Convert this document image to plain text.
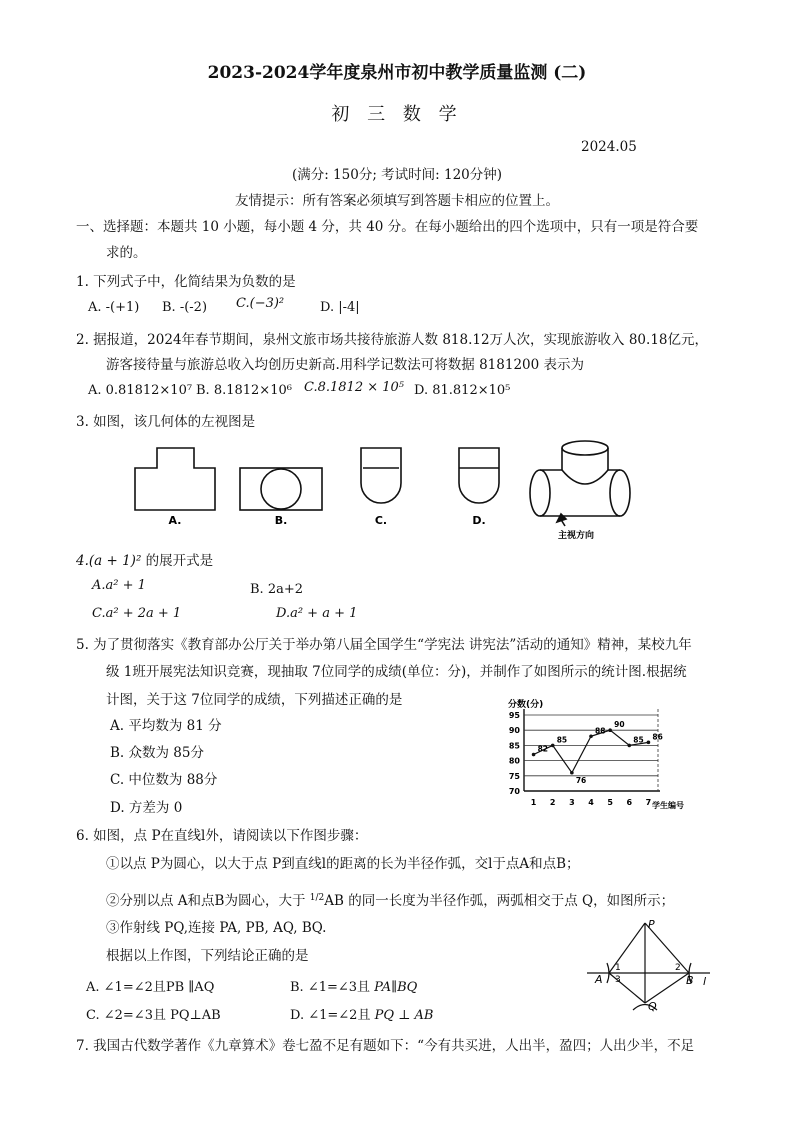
2023-2024学年度泉州市初中教学质量监测 (二)
初 三 数 学
2024.05
(满分: 150分; 考试时间: 120分钟)
友情提示：所有答案必须填写到答题卡相应的位置上。
一、选择题：本题共 10 小题，每小题 4 分，共 40 分。在每小题给出的四个选项中，只有一项是符合要
求的。
1. 下列式子中，化简结果为负数的是
A. -(+1) B. -(-2) C.(−3)²	D. |-4|
2. 据报道，2024年春节期间，泉州文旅市场共接待旅游人数 818.12万人次，实现旅游收入 80.18亿元，
游客接待量与旅游总收入均创历史新高.用科学记数法可将数据 8181200 表示为
A. 0.81812×10⁷ B. 8.1812×10⁶ C.8.1812 × 10⁵ D. 81.812×10⁵
3. 如图，该几何体的左视图是
A.	B.	C.	D.
主视方向
4.(a + 1)² 的展开式是
A.a² + 1	B. 2a+2
C.a² + 2a + 1	D.a² + a + 1
5. 为了贯彻落实《教育部办公厅关于举办第八届全国学生“学宪法 讲宪法”活动的通知》精神，某校九年
级 1班开展宪法知识竞赛，现抽取 7位同学的成绩(单位：分)，并制作了如图所示的统计图.根据统
计图，关于这 7位同学的成绩，下列描述正确的是
A. 平均数为 81 分
B. 众数为 85分
C. 中位数为 88分
D. 方差为 0
分数(分)
学生编号
70
75
80
85
90
95
1 2 3 4 5 6 7
82
85
76
88
90
85 86
6. 如图，点 P在直线l外，请阅读以下作图步骤：
①以点 P为圆心，以大于点 P到直线l的距离的长为半径作弧，交l于点A和点B；
②分别以点 A和点B为圆心，大于 $^{1/2}$AB 的同一长度为半径作弧，两弧相交于点 Q，如图所示；
③作射线 PQ,连接 PA, PB, AQ, BQ.
根据以上作图，下列结论正确的是
A. ∠1=∠2且PB ∥AQ	B. ∠1=∠3且 PA∥BQ
C. ∠2=∠3且 PQ⊥AB	D. ∠1=∠2且 PQ ⊥ AB
P
A	B
Q
l
1	2
3
7. 我国古代数学著作《九章算术》卷七盈不足有题如下：“今有共买进，人出半，盈四；人出少半，不足
